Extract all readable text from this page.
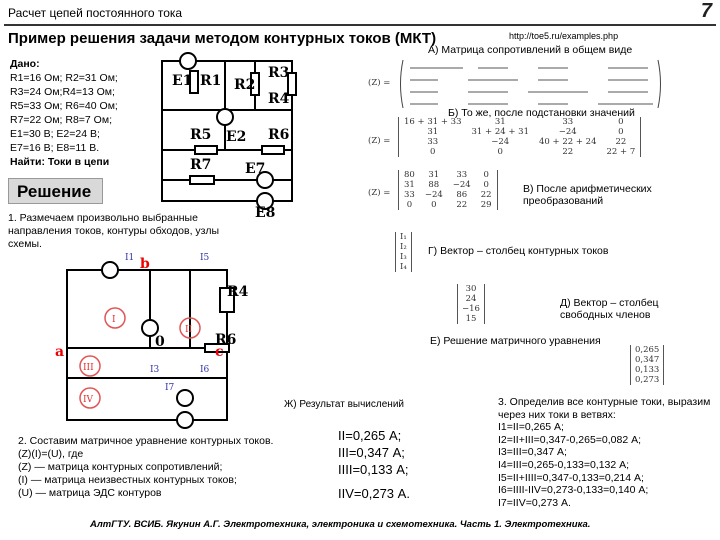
Расчет цепей постоянного тока	7
Пример решения задачи методом контурных токов (МКТ)	http://toe5.ru/examples.php
Дано:
R1=16 Ом; R2=31 Ом;
R3=24 Ом;R4=13 Ом;
R5=33 Ом; R6=40 Ом;
R7=22 Ом; R8=7 Ом;
E1=30 В; E2=24 В;
E7=16 В; E8=11 В.
Найти: Токи в цепи
E1 R1 R2
R3
R4
E2
R5	R6
R7 E7
E8
Решение
1. Размечаем произвольно выбранные направления токов, контуры обходов, узлы схемы.
b
a	c
I
II
III
IV
R6
R4
I1	I5
I3	I6
I7
0
А) Матрица сопротивлений в общем виде
Б) То же, после подстановки значений
В) После арифметических преобразований
Г) Вектор – столбец контурных токов
Д) Вектор – столбец свободных членов
Е) Решение матричного уравнения
Ж) Результат вычислений
(Z) =
(Z) =
16 + 31 + 33	31	33	0
31	31 + 24 + 31	−24	0
33	−24	40 + 22 + 24	22
0	0	22	22 + 7
(Z) =
80	31	33	0
31	88	−24	0
33	−24	86	22
0	0	22	29
I₁
I₂
I₃
I₄
30
24
−16
15
0,265
0,347
0,133
0,273
2. Составим матричное уравнение контурных токов. (Z)(I)=(U), где
(Z) — матрица контурных сопротивлений;
(I) — матрица неизвестных контурных токов;
(U) — матрица ЭДС контуров
II=0,265 А;
III=0,347 А;
IIII=0,133 А;
IIV=0,273 А.
3. Определив все контурные токи, выразим через них токи в ветвях:
I1=II=0,265 А;
I2=II+III=0,347-0,265=0,082 А;
I3=III=0,347 А;
I4=III=0,265-0,133=0,132 А;
I5=II+IIII=0,347-0,133=0,214 А;
I6=IIII-IIV=0,273-0,133=0,140 А;
I7=IIV=0,273 А.
АлтГТУ. ВСИБ. Якунин А.Г. Электротехника, электроника и схемотехника. Часть 1. Электротехника.
